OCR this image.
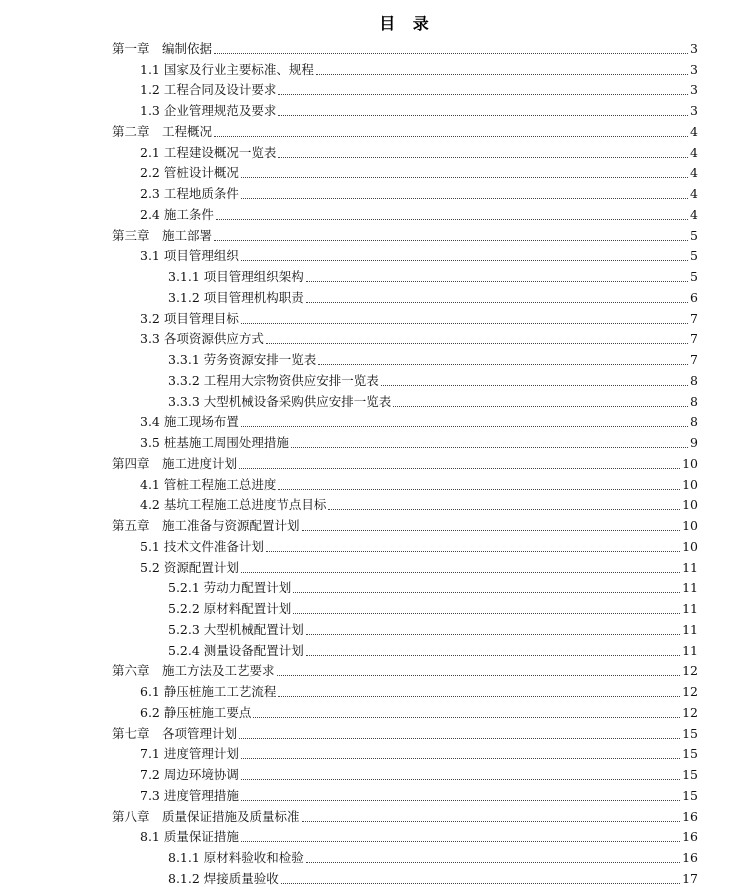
目 录
第一章　编制依据	3
1.1 国家及行业主要标准、规程	3
1.2 工程合同及设计要求	3
1.3 企业管理规范及要求	3
第二章　工程概况	4
2.1 工程建设概况一览表	4
2.2 管桩设计概况	4
2.3 工程地质条件	4
2.4 施工条件	4
第三章　施工部署	5
3.1 项目管理组织	5
3.1.1 项目管理组织架构	5
3.1.2 项目管理机构职责	6
3.2 项目管理目标	7
3.3 各项资源供应方式	7
3.3.1 劳务资源安排一览表	7
3.3.2 工程用大宗物资供应安排一览表	8
3.3.3 大型机械设备采购供应安排一览表	8
3.4 施工现场布置	8
3.5 桩基施工周围处理措施	9
第四章　施工进度计划	10
4.1 管桩工程施工总进度	10
4.2 基坑工程施工总进度节点目标	10
第五章　施工准备与资源配置计划	10
5.1 技术文件准备计划	10
5.2 资源配置计划	11
5.2.1 劳动力配置计划	11
5.2.2 原材料配置计划	11
5.2.3 大型机械配置计划	11
5.2.4 测量设备配置计划	11
第六章　施工方法及工艺要求	12
6.1 静压桩施工工艺流程	12
6.2 静压桩施工要点	12
第七章　各项管理计划	15
7.1 进度管理计划	15
7.2 周边环境协调	15
7.3 进度管理措施	15
第八章　质量保证措施及质量标准	16
8.1 质量保证措施	16
8.1.1 原材料验收和检验	16
8.1.2 焊接质量验收	17
